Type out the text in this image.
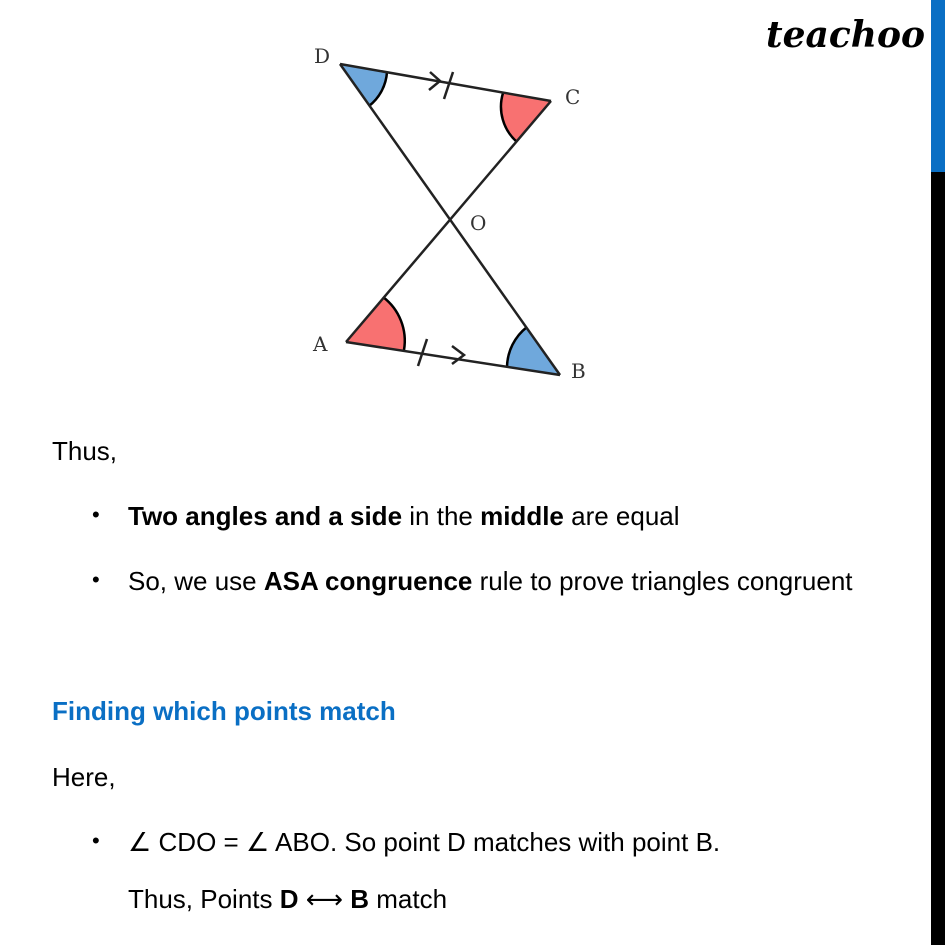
teachoo
D
C
O
A
B
Thus,
• Two angles and a side in the middle are equal
• So, we use ASA congruence rule to prove triangles congruent
Finding which points match
Here,
• ∠ CDO = ∠ ABO. So point D matches with point B.
Thus, Points D ⟷ B match
